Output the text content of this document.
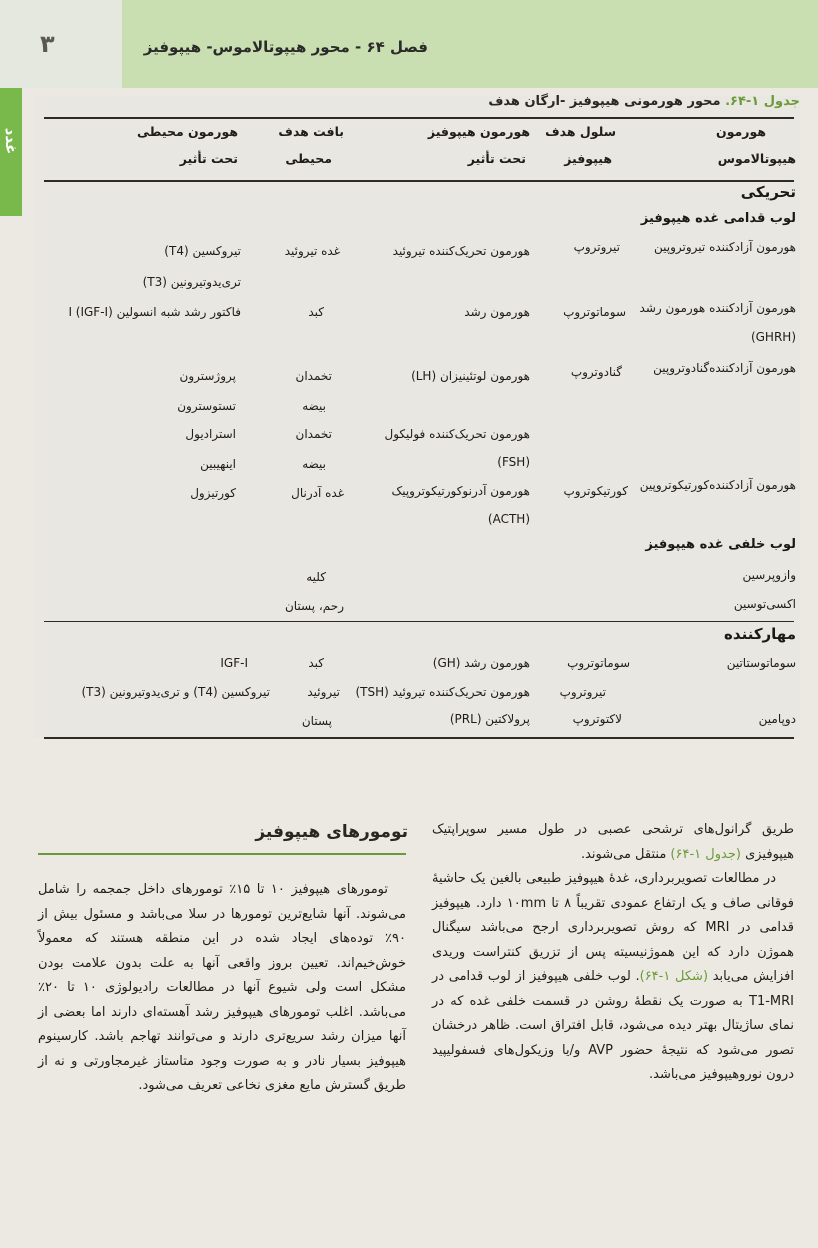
۳	فصل ۶۴ - محور هیپوتالاموس- هیپوفیز
غدد
جدول ۱-۶۴. محور هورمونی هیپوفیز -ارگان هدف
هورمون
هیپوتالاموس
سلول هدف
هیپوفیز
هورمون هیپوفیز
تحت تأثیر
بافت هدف
محیطی
هورمون محیطی
تحت تأثیر
تحریکی
لوب قدامی غده هیپوفیز
هورمون آزادکننده تیروتروپین
تیروتروپ
هورمون تحریک‌کننده تیروئید
غده تیروئید
تیروکسین (T4)
تری‌یدوتیرونین (T3)
هورمون آزادکننده هورمون رشد
(GHRH)
سوماتوتروپ
هورمون رشد
کبد
فاکتور رشد شبه انسولین I (IGF-I)
هورمون آزادکننده‌گنادوتروپین
گنادوتروپ
هورمون لوتئینیزان (LH)
تخمدان
پروژسترون
بیضه
تستوسترون
هورمون تحریک‌کننده فولیکول
(FSH)
تخمدان
استرادیول
بیضه
اینهیبین
هورمون آزادکننده‌کورتیکوتروپین
کورتیکوتروپ
هورمون آدرنوکورتیکوتروپیک
(ACTH)
غده آدرنال
کورتیزول
لوب خلفی غده هیپوفیز
وازوپرسین
کلیه
اکسی‌توسین
رحم، پستان
مهارکننده
سوماتوستاتین
سوماتوتروپ
هورمون رشد (GH)
کبد
IGF-I
تیروتروپ
هورمون تحریک‌کننده تیروئید (TSH)
تیروئید
تیروکسین (T4) و تری‌یدوتیرونین (T3)
دوپامین
لاکتوتروپ
پرولاکتین (PRL)
پستان

طریق گرانول‌های ترشحی عصبی در طول مسیر سوپراپتیک هیپوفیزی (جدول ۱-۶۴) منتقل می‌شوند.

در مطالعات تصویربرداری، غدهٔ هیپوفیز طبیعی بالغین یک حاشیهٔ فوقانی صاف و یک ارتفاع عمودی تقریباً ۸ تا ۱۰mm دارد. هیپوفیز قدامی در MRI که روش تصویربرداری ارجح می‌باشد سیگنال هموژن دارد که این هموژنیسیته پس از تزریق کنتراست وریدی افزایش می‌یابد (شکل ۱-۶۴). لوب خلفی هیپوفیز از لوب قدامی در T1-MRI به صورت یک نقطهٔ روشن در قسمت خلفی غده که در نمای ساژیتال بهتر دیده می‌شود، قابل افتراق است. ظاهر درخشان تصور می‌شود که نتیجهٔ حضور AVP و/یا وزیکول‌های فسفولیپید درون نوروهیپوفیز می‌باشد.

تومورهای هیپوفیز

تومورهای هیپوفیز ۱۰ تا ۱۵٪ تومورهای داخل جمجمه را شامل می‌شوند. آنها شایع‌ترین تومورها در سلا می‌باشد و مسئول بیش از ۹۰٪ توده‌های ایجاد شده در این منطقه هستند که معمولاً خوش‌خیم‌اند. تعیین بروز واقعی آنها به علت بدون علامت بودن مشکل است ولی شیوع آنها در مطالعات رادیولوژی ۱۰ تا ۲۰٪ می‌باشد. اغلب تومورهای هیپوفیز رشد آهسته‌ای دارند اما بعضی از آنها میزان رشد سریع‌تری دارند و می‌توانند تهاجم باشد. کارسینوم هیپوفیز بسیار نادر و به صورت وجود متاستاز غیرمجاورتی و نه از طریق گسترش مایع مغزی نخاعی تعریف می‌شود.
